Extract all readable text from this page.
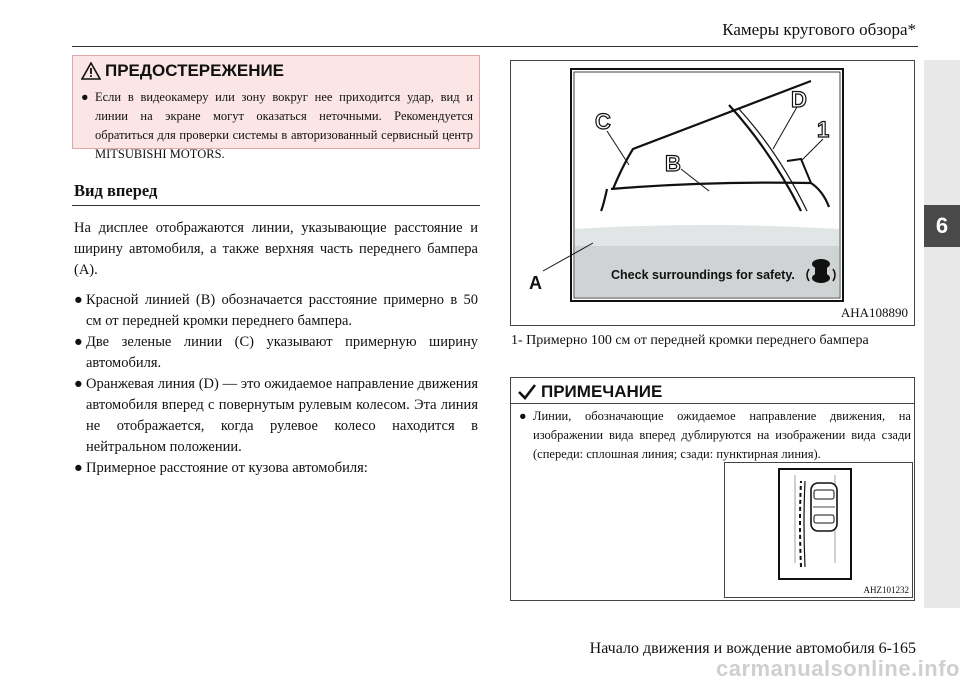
Камеры кругового обзора*
6
ПРЕДОСТЕРЕЖЕНИЕ
● Если в видеокамеру или зону вокруг нее приходится удар, вид и линии на экране могут оказаться неточными. Рекомендуется обратиться для проверки системы в авторизованный сервисный центр MITSUBISHI MOTORS.
Вид вперед
На дисплее отображаются линии, указывающие расстояние и ширину автомобиля, а также верхняя часть переднего бампера (А).
● Красной линией (B) обозначается расстояние примерно в 50 см от передней кромки переднего бампера.
● Две зеленые линии (C) указывают примерную ширину автомобиля.
● Оранжевая линия (D) — это ожидаемое направление движения автомобиля вперед с повернутым рулевым колесом. Эта линия не отображается, когда рулевое колесо находится в нейтральном положении.
● Примерное расстояние от кузова автомобиля:
C
B
D
1
A	Check surroundings for safety.
AHA108890
1- Примерно 100 см от передней кромки переднего бампера
ПРИМЕЧАНИЕ
● Линии, обозначающие ожидаемое направление движения, на изображении вида вперед дублируются на изображении вида сзади (спереди: сплошная линия; сзади: пунктирная линия).
AHZ101232
Начало движения и вождение автомобиля 6-165
carmanualsonline.info
